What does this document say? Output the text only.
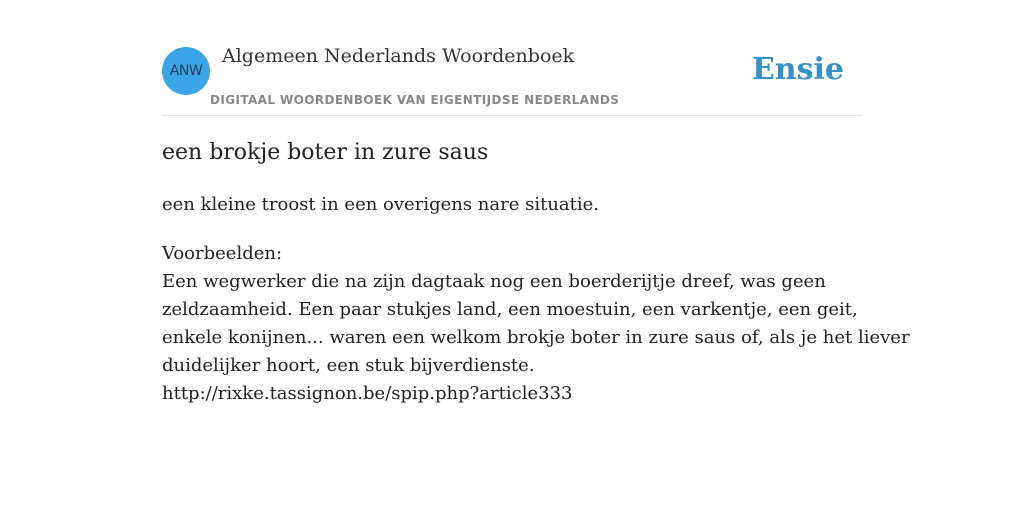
ANW
Algemeen Nederlands Woordenboek
DIGITAAL WOORDENBOEK VAN EIGENTIJDSE NEDERLANDS
Ensie
een brokje boter in zure saus

een kleine troost in een overigens nare situatie.

Voorbeelden:
Een wegwerker die na zijn dagtaak nog een boerderijtje dreef, was geen
zeldzaamheid. Een paar stukjes land, een moestuin, een varkentje, een geit,
enkele konijnen... waren een welkom brokje boter in zure saus of, als je het liever
duidelijker hoort, een stuk bijverdienste.
http://rixke.tassignon.be/spip.php?article333
